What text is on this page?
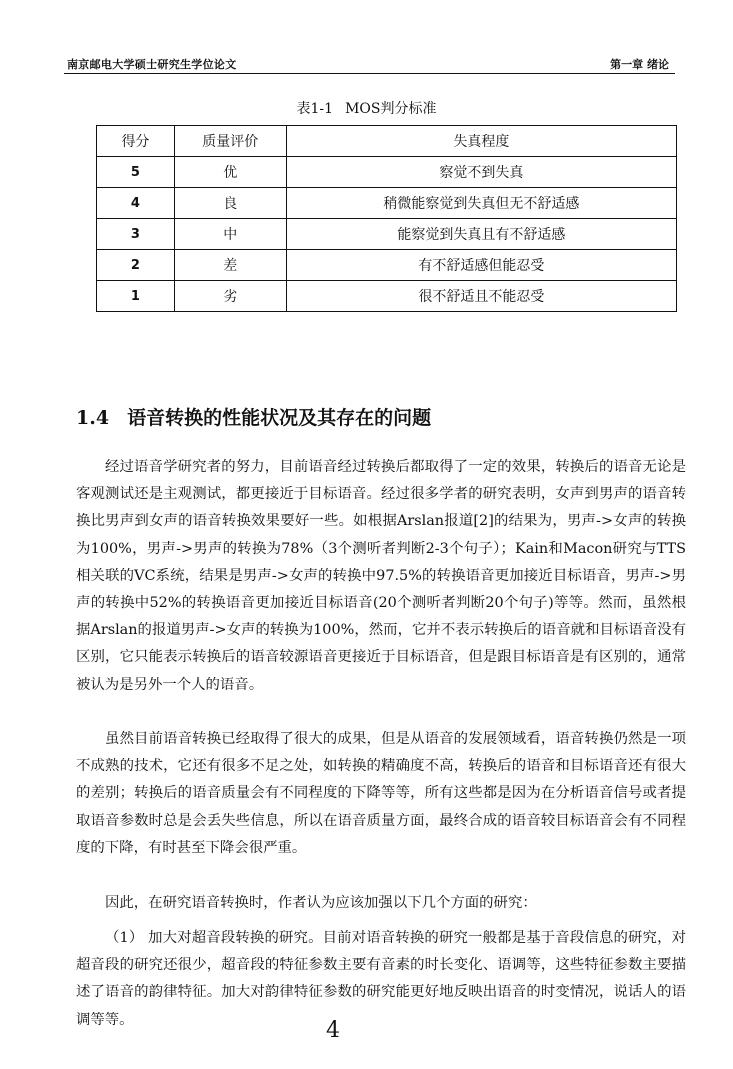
南京邮电大学硕士研究生学位论文	第一章 绪论
表1-1 MOS判分标准
得分	质量评价	失真程度
5	优	察觉不到失真
4	良	稍微能察觉到失真但无不舒适感
3	中	能察觉到失真且有不舒适感
2	差	有不舒适感但能忍受
1	劣	很不舒适且不能忍受
1.4 语音转换的性能状况及其存在的问题

经过语音学研究者的努力，目前语音经过转换后都取得了一定的效果，转换后的语音无论是客观测试还是主观测试，都更接近于目标语音。经过很多学者的研究表明，女声到男声的语音转换比男声到女声的语音转换效果要好一些。如根据Arslan报道[2]的结果为，男声->女声的转换为100%，男声->男声的转换为78%（3个测听者判断2-3个句子）；Kain和Macon研究与TTS相关联的VC系统，结果是男声->女声的转换中97.5%的转换语音更加接近目标语音，男声->男声的转换中52%的转换语音更加接近目标语音(20个测听者判断20个句子)等等。然而，虽然根据Arslan的报道男声->女声的转换为100%，然而，它并不表示转换后的语音就和目标语音没有区别，它只能表示转换后的语音较源语音更接近于目标语音，但是跟目标语音是有区别的，通常被认为是另外一个人的语音。

虽然目前语音转换已经取得了很大的成果，但是从语音的发展领域看，语音转换仍然是一项不成熟的技术，它还有很多不足之处，如转换的精确度不高，转换后的语音和目标语音还有很大的差别；转换后的语音质量会有不同程度的下降等等，所有这些都是因为在分析语音信号或者提取语音参数时总是会丢失些信息，所以在语音质量方面，最终合成的语音较目标语音会有不同程度的下降，有时甚至下降会很严重。

因此，在研究语音转换时，作者认为应该加强以下几个方面的研究：

（1） 加大对超音段转换的研究。目前对语音转换的研究一般都是基于音段信息的研究，对超音段的研究还很少，超音段的特征参数主要有音素的时长变化、语调等，这些特征参数主要描述了语音的韵律特征。加大对韵律特征参数的研究能更好地反映出语音的时变情况，说话人的语调等等。	4
